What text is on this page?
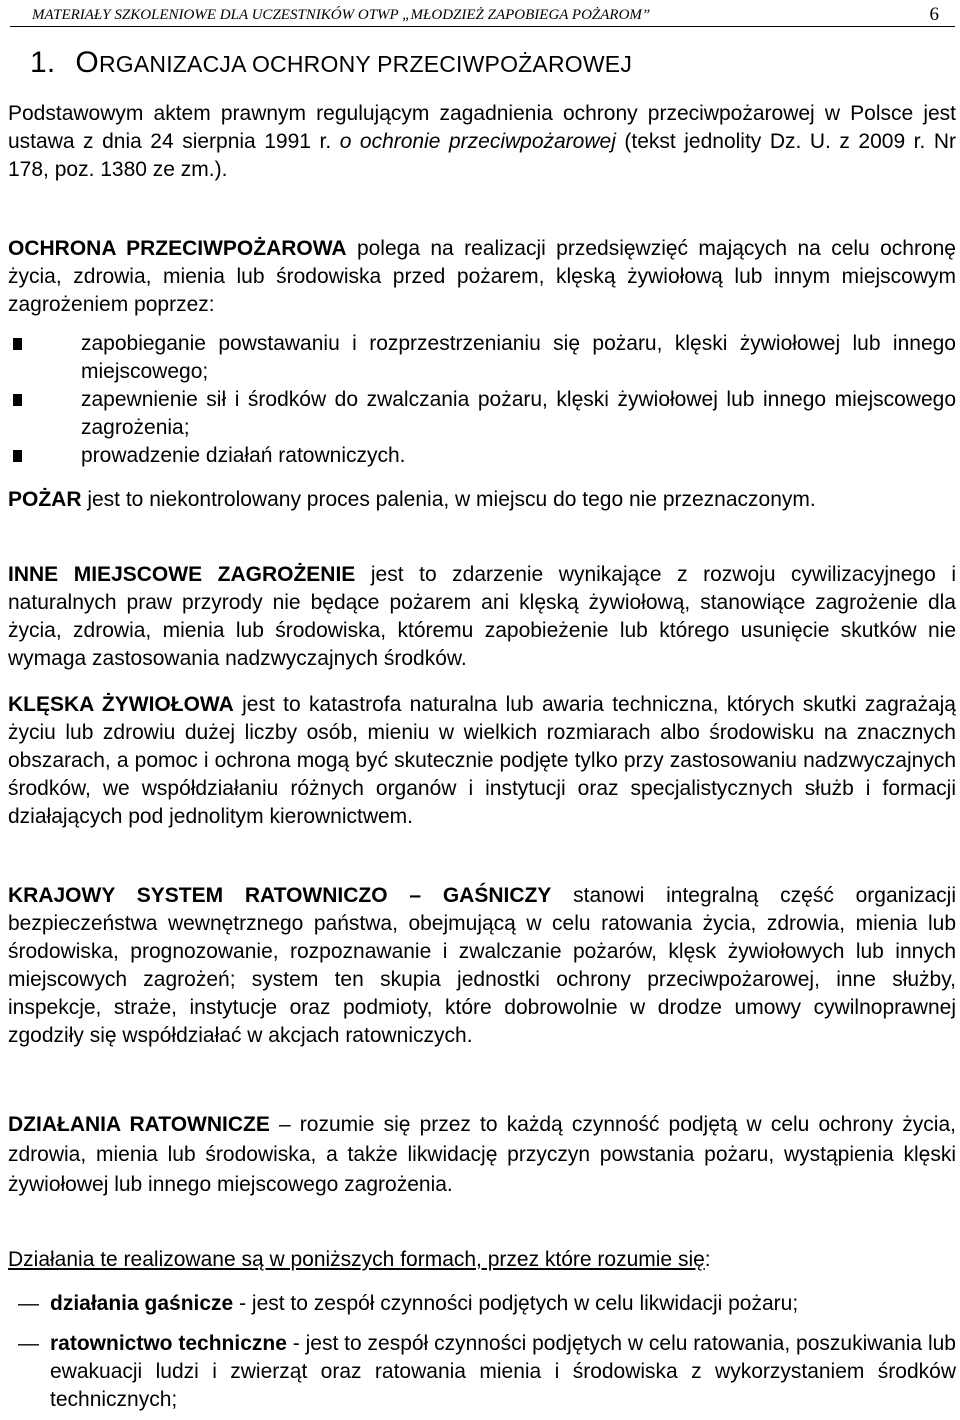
MATERIAŁY SZKOLENIOWE DLA UCZESTNIKÓW OTWP „MŁODZIEŻ ZAPOBIEGA POŻAROM”	6
1. ORGANIZACJA OCHRONY PRZECIWPOŻAROWEJ

Podstawowym aktem prawnym regulującym zagadnienia ochrony przeciwpożarowej w Polsce jest ustawa z dnia 24 sierpnia 1991 r. o ochronie przeciwpożarowej (tekst jednolity Dz. U. z 2009 r. Nr 178, poz. 1380 ze zm.).

OCHRONA PRZECIWPOŻAROWA polega na realizacji przedsięwzięć mających na celu ochronę życia, zdrowia, mienia lub środowiska przed pożarem, klęską żywiołową lub innym miejscowym zagrożeniem poprzez:

zapobieganie powstawaniu i rozprzestrzenianiu się pożaru, klęski żywiołowej lub innego miejscowego;

zapewnienie sił i środków do zwalczania pożaru, klęski żywiołowej lub innego miejscowego zagrożenia;

prowadzenie działań ratowniczych.

POŻAR jest to niekontrolowany proces palenia, w miejscu do tego nie przeznaczonym.

INNE MIEJSCOWE ZAGROŻENIE jest to zdarzenie wynikające z rozwoju cywilizacyjnego i naturalnych praw przyrody nie będące pożarem ani klęską żywiołową, stanowiące zagrożenie dla życia, zdrowia, mienia lub środowiska, któremu zapobieżenie lub którego usunięcie skutków nie wymaga zastosowania nadzwyczajnych środków.

KLĘSKA ŻYWIOŁOWA jest to katastrofa naturalna lub awaria techniczna, których skutki zagrażają życiu lub zdrowiu dużej liczby osób, mieniu w wielkich rozmiarach albo środowisku na znacznych obszarach, a pomoc i ochrona mogą być skutecznie podjęte tylko przy zastosowaniu nadzwyczajnych środków, we współdziałaniu różnych organów i instytucji oraz specjalistycznych służb i formacji działających pod jednolitym kierownictwem.

KRAJOWY SYSTEM RATOWNICZO – GAŚNICZY stanowi integralną część organizacji bezpieczeństwa wewnętrznego państwa, obejmującą w celu ratowania życia, zdrowia, mienia lub środowiska, prognozowanie, rozpoznawanie i zwalczanie pożarów, klęsk żywiołowych lub innych miejscowych zagrożeń; system ten skupia jednostki ochrony przeciwpożarowej, inne służby, inspekcje, straże, instytucje oraz podmioty, które dobrowolnie w drodze umowy cywilnoprawnej zgodziły się współdziałać w akcjach ratowniczych.

DZIAŁANIA RATOWNICZE – rozumie się przez to każdą czynność podjętą w celu ochrony życia, zdrowia, mienia lub środowiska, a także likwidację przyczyn powstania pożaru, wystąpienia klęski żywiołowej lub innego miejscowego zagrożenia.

Działania te realizowane są w poniższych formach, przez które rozumie się:

— działania gaśnicze - jest to zespół czynności podjętych w celu likwidacji pożaru;

— ratownictwo techniczne - jest to zespół czynności podjętych w celu ratowania, poszukiwania lub ewakuacji ludzi i zwierząt oraz ratowania mienia i środowiska z wykorzystaniem środków technicznych;
